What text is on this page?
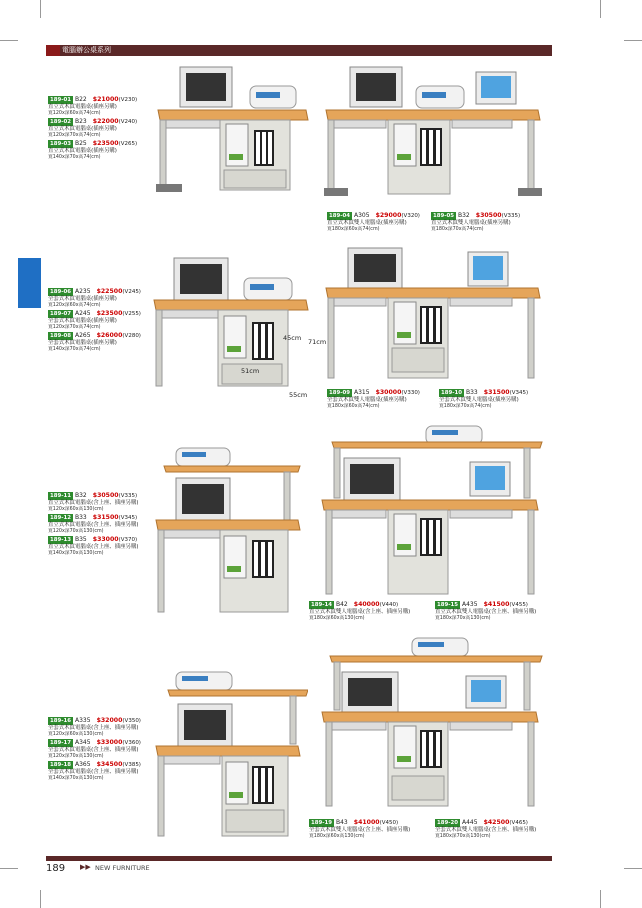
電腦辦公桌系列
45cm 71cm
51cm
55cm
189-01 B22 $21000 (V230)
直立式木紋電腦桌(插座另購)
寬120x深60x高74(cm)
189-02 B23 $22000 (V240)
直立式木紋電腦桌(插座另購)
寬120x深70x高74(cm)
189-03 B25 $23500 (V265)
直立式木紋電腦桌(插座另購)
寬140x深70x高74(cm)
189-04 A305 $29000 (V320)
直立式木紋雙人電腦桌(插座另購)
寬180x深60x高74(cm)
189-05 B32 $30500 (V335)
直立式木紋雙人電腦桌(插座另購)
寬180x深70x高74(cm)
189-06 A235 $22500 (V245)
全套式木紋電腦桌(插座另購)
寬120x深60x高74(cm)
189-07 A245 $23500 (V255)
全套式木紋電腦桌(插座另購)
寬120x深70x高74(cm)
189-08 A265 $26000 (V280)
全套式木紋電腦桌(插座另購)
寬140x深70x高74(cm)
189-09 A315 $30000 (V330)
全套式木紋雙人電腦桌(插座另購)
寬180x深60x高74(cm)
189-10 B33 $31500 (V345)
全套式木紋雙人電腦桌(插座另購)
寬180x深70x高74(cm)
189-11 B32 $30500 (V335)
直立式木紋電腦桌(含上座、插座另購)
寬120x深60x高130(cm)
189-12 B33 $31500 (V345)
直立式木紋電腦桌(含上座、插座另購)
寬120x深70x高130(cm)
189-13 B35 $33000 (V370)
直立式木紋電腦桌(含上座、插座另購)
寬140x深70x高130(cm)
189-14 B42 $40000 (V440)
直立式木紋雙人電腦桌(含上座、插座另購)
寬180x深60x高130(cm)
189-15 A435 $41500 (V455)
直立式木紋雙人電腦桌(含上座、插座另購)
寬180x深70x高130(cm)
189-16 A335 $32000 (V350)
全套式木紋電腦桌(含上座、插座另購)
寬120x深60x高130(cm)
189-17 A345 $33000 (V360)
全套式木紋電腦桌(含上座、插座另購)
寬120x深70x高130(cm)
189-18 A365 $34500 (V385)
全套式木紋電腦桌(含上座、插座另購)
寬140x深70x高130(cm)
189-19 B43 $41000 (V450)
全套式木紋雙人電腦桌(含上座、插座另購)
寬180x深60x高130(cm)
189-20 A445 $42500 (V465)
全套式木紋雙人電腦桌(含上座、插座另購)
寬180x深70x高130(cm)
189 ▶▶ NEW FURNITURE
